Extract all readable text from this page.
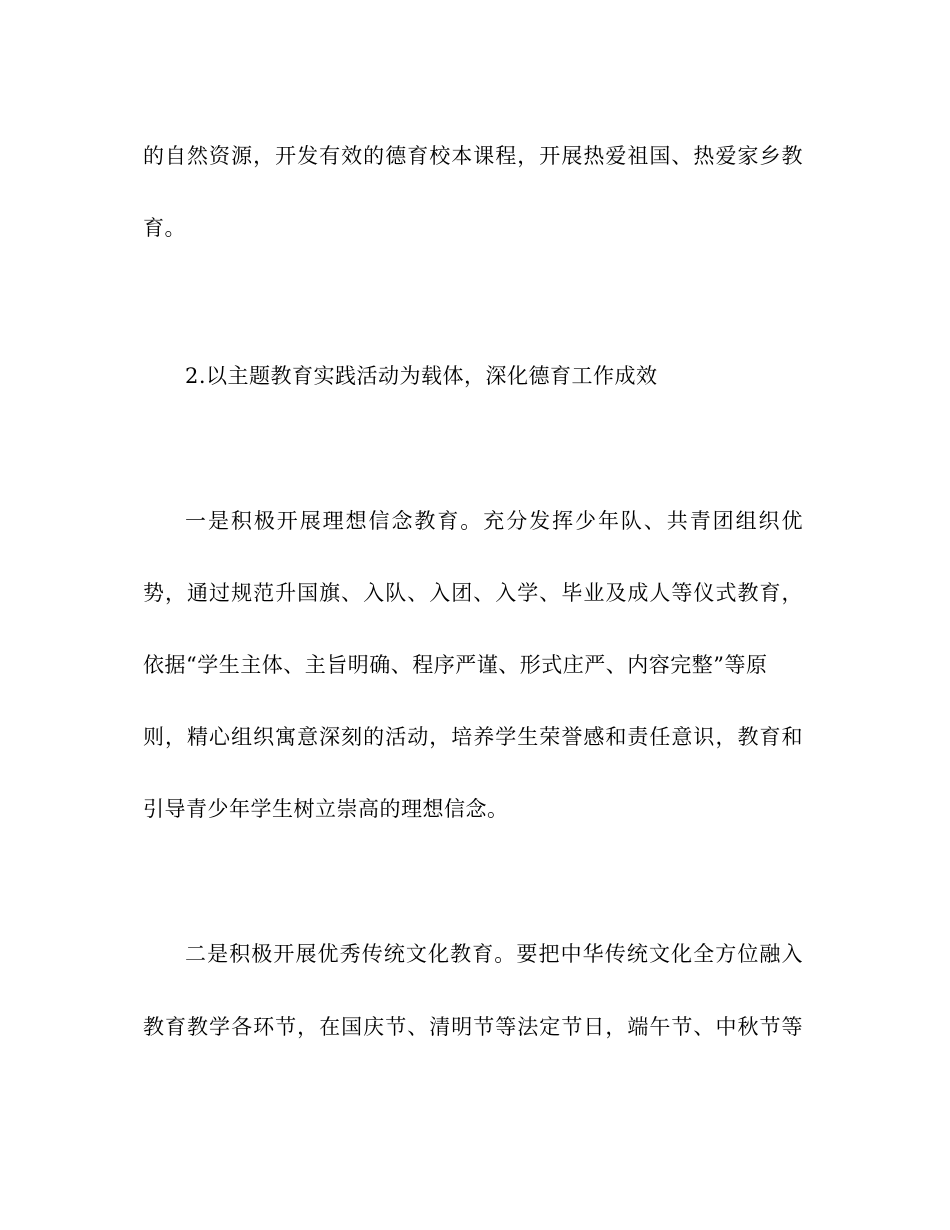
的自然资源，开发有效的德育校本课程，开展热爱祖国、热爱家乡教
育。
2.以主题教育实践活动为载体，深化德育工作成效
一是积极开展理想信念教育。充分发挥少年队、共青团组织优
势，通过规范升国旗、入队、入团、入学、毕业及成人等仪式教育，
依据“学生主体、主旨明确、程序严谨、形式庄严、内容完整”等原
则，精心组织寓意深刻的活动，培养学生荣誉感和责任意识，教育和
引导青少年学生树立崇高的理想信念。
二是积极开展优秀传统文化教育。要把中华传统文化全方位融入
教育教学各环节，在国庆节、清明节等法定节日，端午节、中秋节等
